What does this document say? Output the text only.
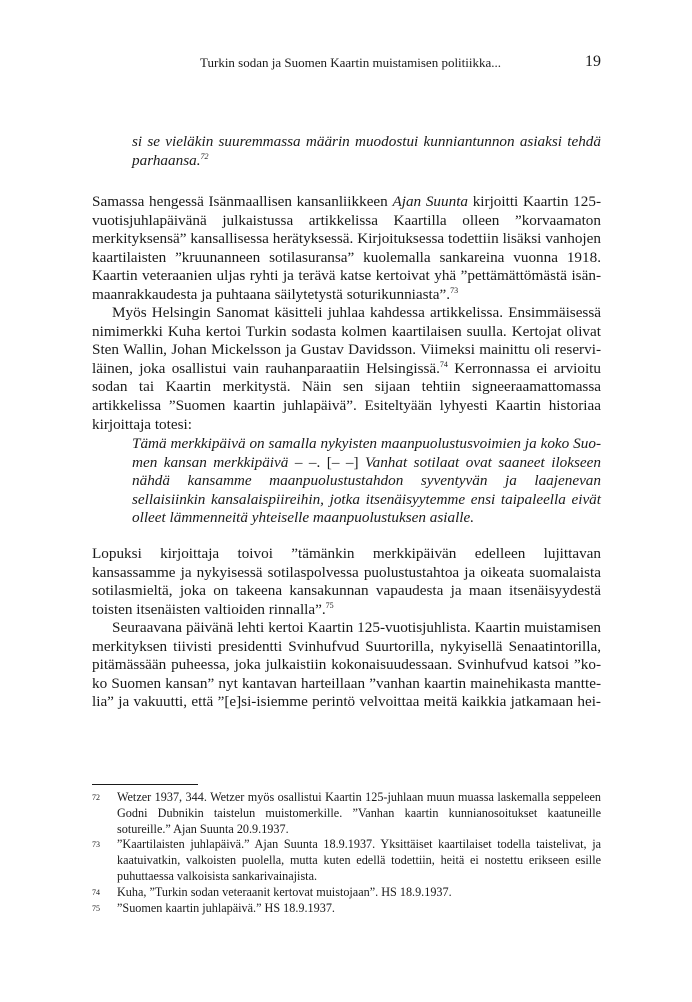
Turkin sodan ja Suomen Kaartin muistamisen politiikka...	19

si se vieläkin suuremmassa määrin muodostui kunniantunnon asiaksi tehdä parhaansa.$^{72}$

Samassa hengessä Isänmaallisen kansanliikkeen Ajan Suunta kirjoitti Kaartin 125-vuotisjuhlapäivänä julkaistussa artikkelissa Kaartilla olleen ”korvaamaton merkityksensä” kansallisessa herätyksessä. Kirjoituksessa todettiin lisäksi vanhojen kaartilaisten ”kruunanneen sotilasuransa” kuolemalla sankareina vuonna 1918. Kaartin veteraanien uljas ryhti ja terävä katse kertoivat yhä ”pettämättömästä isänmaanrakkaudesta ja puhtaana säilytetystä soturikunniasta”.$^{73}$

Myös Helsingin Sanomat käsitteli juhlaa kahdessa artikkelissa. Ensimmäisessä nimimerkki Kuha kertoi Turkin sodasta kolmen kaartilaisen suulla. Kertojat olivat Sten Wallin, Johan Mickelsson ja Gustav Davidsson. Viimeksi mainittu oli reserviläinen, joka osallistui vain rauhanparaatiin Helsingissä.$^{74}$ Kerronnassa ei arvioitu sodan tai Kaartin merkitystä. Näin sen sijaan tehtiin signeeraamattomassa artikkelissa ”Suomen kaartin juhlapäivä”. Esiteltyään lyhyesti Kaartin historiaa kirjoittaja totesi:

Tämä merkkipäivä on samalla nykyisten maanpuolustusvoimien ja koko Suomen kansan merkkipäivä – –. [– –] Vanhat sotilaat ovat saaneet ilokseen nähdä kansamme maanpuolustustahdon syventyvän ja laajenevan sellaisiinkin kansalaispiireihin, jotka itsenäisyytemme ensi taipaleella eivät olleet lämmenneitä yhteiselle maanpuolustuksen asialle.

Lopuksi kirjoittaja toivoi ”tämänkin merkkipäivän edelleen lujittavan kansassamme ja nykyisessä sotilaspolvessa puolustustahtoa ja oikeata suomalaista sotilasmieltä, joka on takeena kansakunnan vapaudesta ja maan itsenäisyydestä toisten itsenäisten valtioiden rinnalla”.$^{75}$

Seuraavana päivänä lehti kertoi Kaartin 125-vuotisjuhlista. Kaartin muistamisen merkityksen tiivisti presidentti Svinhufvud Suurtorilla, nykyisellä Senaatintorilla, pitämässään puheessa, joka julkaistiin kokonaisuudessaan. Svinhufvud katsoi ”koko Suomen kansan” nyt kantavan harteillaan ”vanhan kaartin mainehikasta manttelia” ja vakuutti, että ”[e]si-isiemme perintö velvoittaa meitä kaikkia jatkamaan hei-

72 Wetzer 1937, 344. Wetzer myös osallistui Kaartin 125-juhlaan muun muassa laskemalla seppeleen Godni Dubnikin taistelun muistomerkille. ”Vanhan kaartin kunnianosoitukset kaatuneille sotureille.” Ajan Suunta 20.9.1937.
73 ”Kaartilaisten juhlapäivä.” Ajan Suunta 18.9.1937. Yksittäiset kaartilaiset todella taistelivat, ja kaatuivatkin, valkoisten puolella, mutta kuten edellä todettiin, heitä ei nostettu erikseen esille puhuttaessa valkoisista sankarivainajista.
74 Kuha, ”Turkin sodan veteraanit kertovat muistojaan”. HS 18.9.1937.
75 ”Suomen kaartin juhlapäivä.” HS 18.9.1937.
